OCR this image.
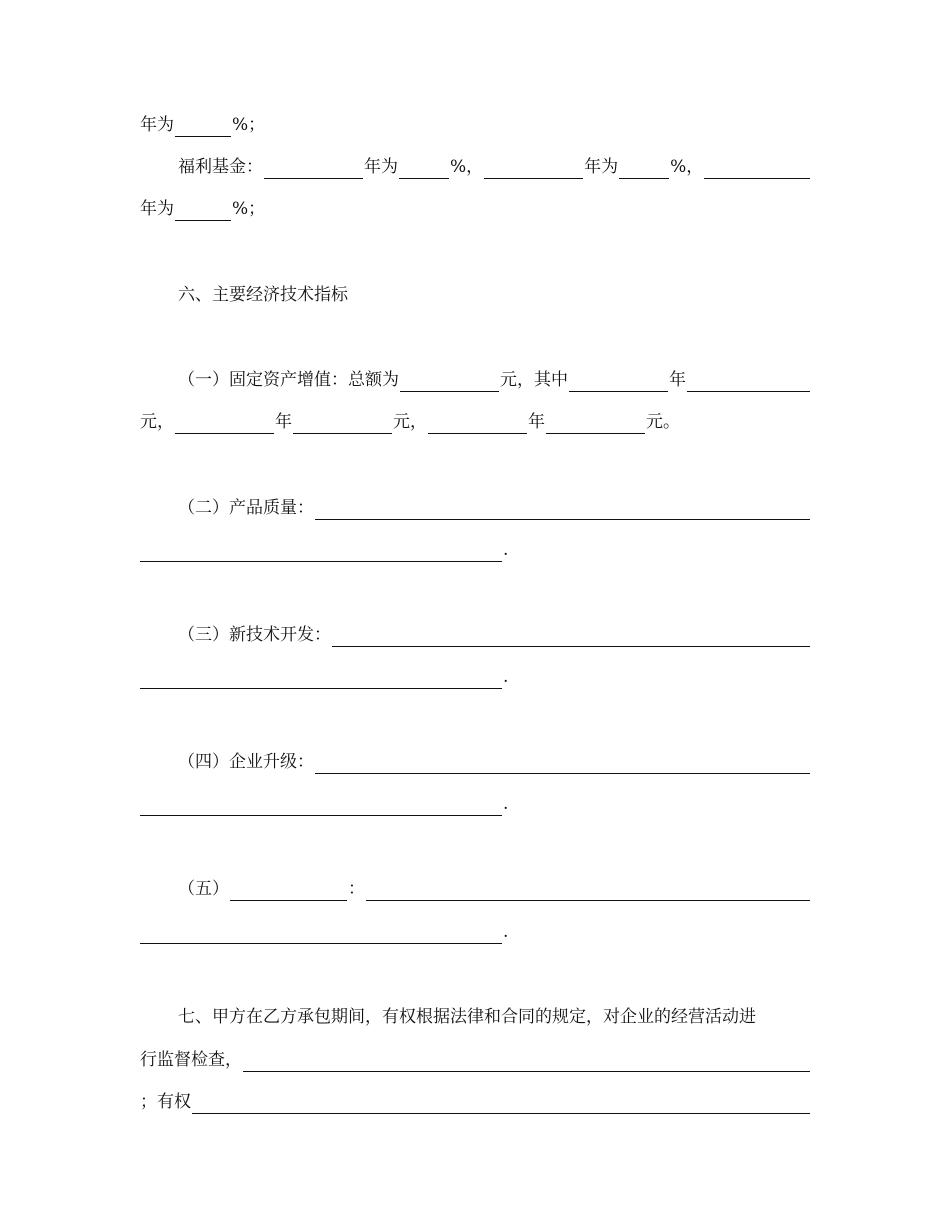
年为	%；
福利基金：	年为	%，	年为	%，
年为	%；
六、主要经济技术指标
（一）固定资产增值：总额为	元，其中	年
元，	年	元，	年	元。
（二）产品质量：
.
（三）新技术开发：
.
（四）企业升级：
.
（五）	：
.
七、甲方在乙方承包期间，有权根据法律和合同的规定，对企业的经营活动进
行监督检查，
；有权
